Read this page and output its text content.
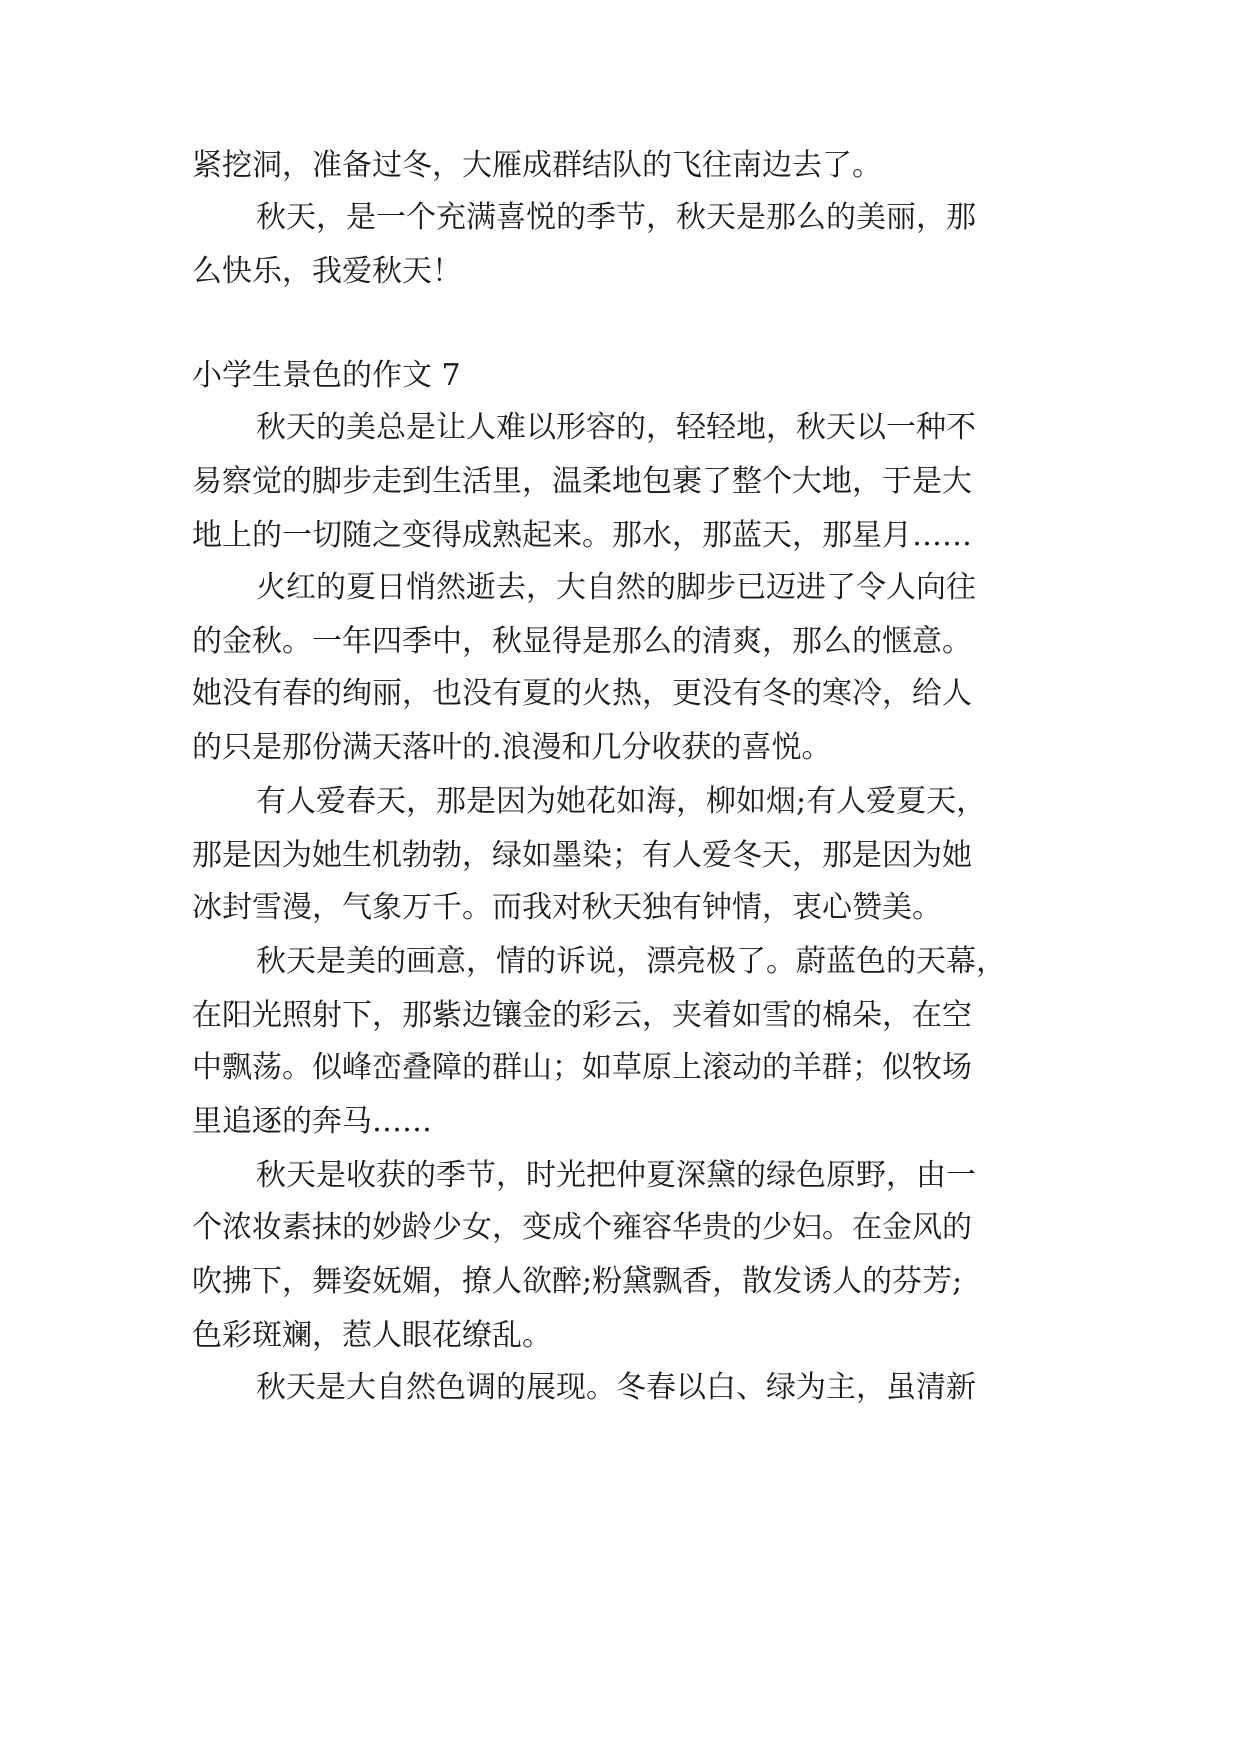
紧挖洞，准备过冬，大雁成群结队的飞往南边去了。
秋天，是一个充满喜悦的季节，秋天是那么的美丽，那
么快乐，我爱秋天！
小学生景色的作文 7
秋天的美总是让人难以形容的，轻轻地，秋天以一种不
易察觉的脚步走到生活里，温柔地包裹了整个大地，于是大
地上的一切随之变得成熟起来。那水，那蓝天，那星月……
火红的夏日悄然逝去，大自然的脚步已迈进了令人向往
的金秋。一年四季中，秋显得是那么的清爽，那么的惬意。
她没有春的绚丽，也没有夏的火热，更没有冬的寒冷，给人
的只是那份满天落叶的.浪漫和几分收获的喜悦。
有人爱春天，那是因为她花如海，柳如烟;有人爱夏天，
那是因为她生机勃勃，绿如墨染；有人爱冬天，那是因为她
冰封雪漫，气象万千。而我对秋天独有钟情，衷心赞美。
秋天是美的画意，情的诉说，漂亮极了。蔚蓝色的天幕，
在阳光照射下，那紫边镶金的彩云，夹着如雪的棉朵，在空
中飘荡。似峰峦叠障的群山；如草原上滚动的羊群；似牧场
里追逐的奔马……
秋天是收获的季节，时光把仲夏深黛的绿色原野，由一
个浓妆素抹的妙龄少女，变成个雍容华贵的少妇。在金风的
吹拂下，舞姿妩媚，撩人欲醉;粉黛飘香，散发诱人的芬芳;
色彩斑斓，惹人眼花缭乱。
秋天是大自然色调的展现。冬春以白、绿为主，虽清新
